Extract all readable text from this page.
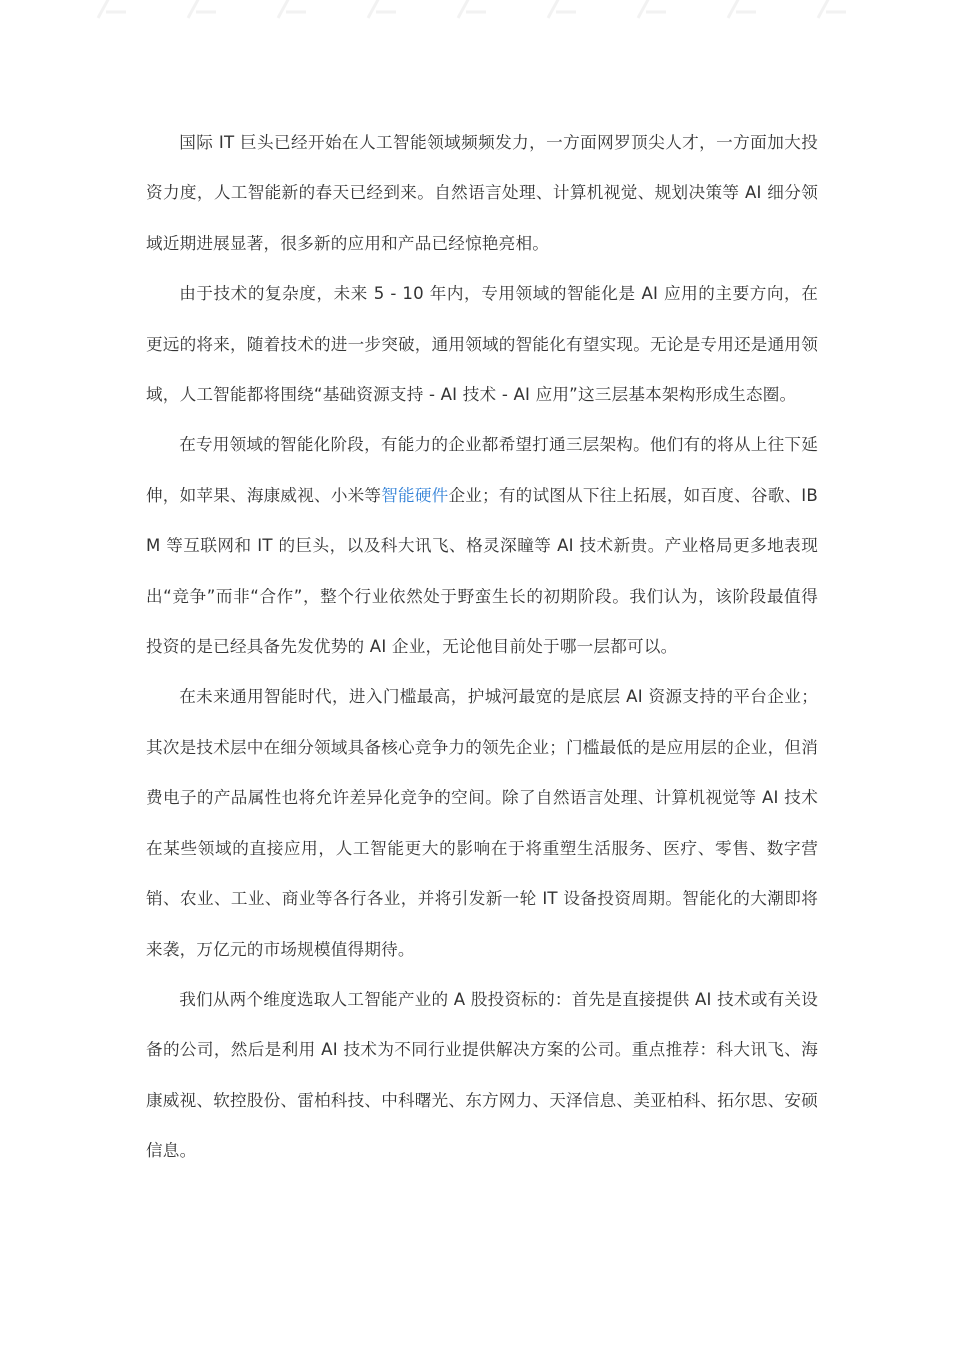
国际 IT 巨头已经开始在人工智能领域频频发力，一方面网罗顶尖人才，一方面加大投资力度，人工智能新的春天已经到来。自然语言处理、计算机视觉、规划决策等 AI 细分领域近期进展显著，很多新的应用和产品已经惊艳亮相。

由于技术的复杂度，未来 5 - 10 年内，专用领域的智能化是 AI 应用的主要方向，在更远的将来，随着技术的进一步突破，通用领域的智能化有望实现。无论是专用还是通用领域，人工智能都将围绕“基础资源支持 - AI 技术 - AI 应用”这三层基本架构形成生态圈。

在专用领域的智能化阶段，有能力的企业都希望打通三层架构。他们有的将从上往下延伸，如苹果、海康威视、小米等智能硬件企业；有的试图从下往上拓展，如百度、谷歌、IBM 等互联网和 IT 的巨头，以及科大讯飞、格灵深瞳等 AI 技术新贵。产业格局更多地表现出“竞争”而非“合作”，整个行业依然处于野蛮生长的初期阶段。我们认为，该阶段最值得投资的是已经具备先发优势的 AI 企业，无论他目前处于哪一层都可以。

在未来通用智能时代，进入门槛最高，护城河最宽的是底层 AI 资源支持的平台企业；其次是技术层中在细分领域具备核心竞争力的领先企业；门槛最低的是应用层的企业，但消费电子的产品属性也将允许差异化竞争的空间。除了自然语言处理、计算机视觉等 AI 技术在某些领域的直接应用，人工智能更大的影响在于将重塑生活服务、医疗、零售、数字营销、农业、工业、商业等各行各业，并将引发新一轮 IT 设备投资周期。智能化的大潮即将来袭，万亿元的市场规模值得期待。

我们从两个维度选取人工智能产业的 A 股投资标的：首先是直接提供 AI 技术或有关设备的公司，然后是利用 AI 技术为不同行业提供解决方案的公司。重点推荐：科大讯飞、海康威视、软控股份、雷柏科技、中科曙光、东方网力、天泽信息、美亚柏科、拓尔思、安硕信息。
